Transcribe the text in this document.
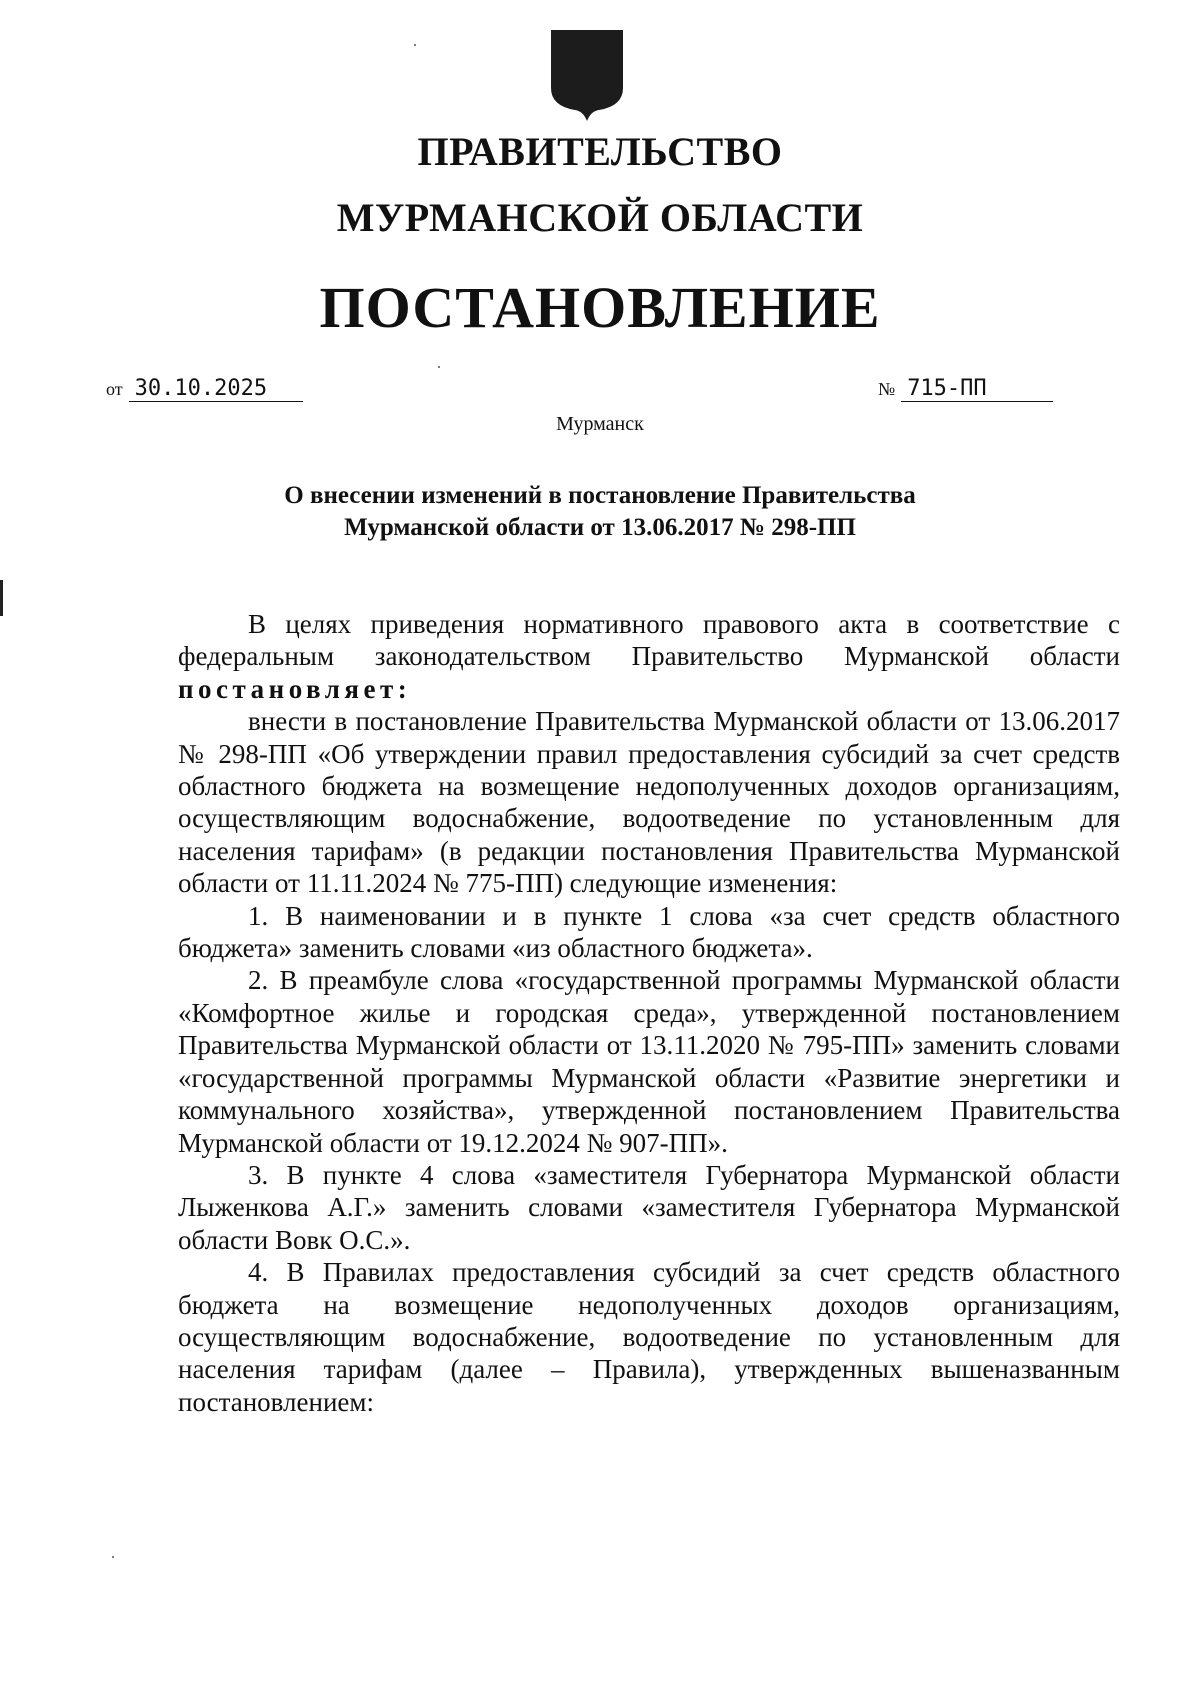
ПРАВИТЕЛЬСТВО
МУРМАНСКОЙ ОБЛАСТИ
ПОСТАНОВЛЕНИЕ
от 30.10.2025	№ 715-ПП
Мурманск
О внесении изменений в постановление Правительства
Мурманской области от 13.06.2017 № 298-ПП

В целях приведения нормативного правового акта в соответствие с федеральным законодательством Правительство Мурманской области постановляет:

внести в постановление Правительства Мурманской области от 13.06.2017 № 298-ПП «Об утверждении правил предоставления субсидий за счет средств областного бюджета на возмещение недополученных доходов организациям, осуществляющим водоснабжение, водоотведение по установленным для населения тарифам» (в редакции постановления Правительства Мурманской области от 11.11.2024 № 775-ПП) следующие изменения:

1. В наименовании и в пункте 1 слова «за счет средств областного бюджета» заменить словами «из областного бюджета».

2. В преамбуле слова «государственной программы Мурманской области «Комфортное жилье и городская среда», утвержденной постановлением Правительства Мурманской области от 13.11.2020 № 795-ПП» заменить словами «государственной программы Мурманской области «Развитие энергетики и коммунального хозяйства», утвержденной постановлением Правительства Мурманской области от 19.12.2024 № 907-ПП».

3. В пункте 4 слова «заместителя Губернатора Мурманской области Лыженкова А.Г.» заменить словами «заместителя Губернатора Мурманской области Вовк О.С.».

4. В Правилах предоставления субсидий за счет средств областного бюджета на возмещение недополученных доходов организациям, осуществляющим водоснабжение, водоотведение по установленным для населения тарифам (далее – Правила), утвержденных вышеназванным постановлением:
